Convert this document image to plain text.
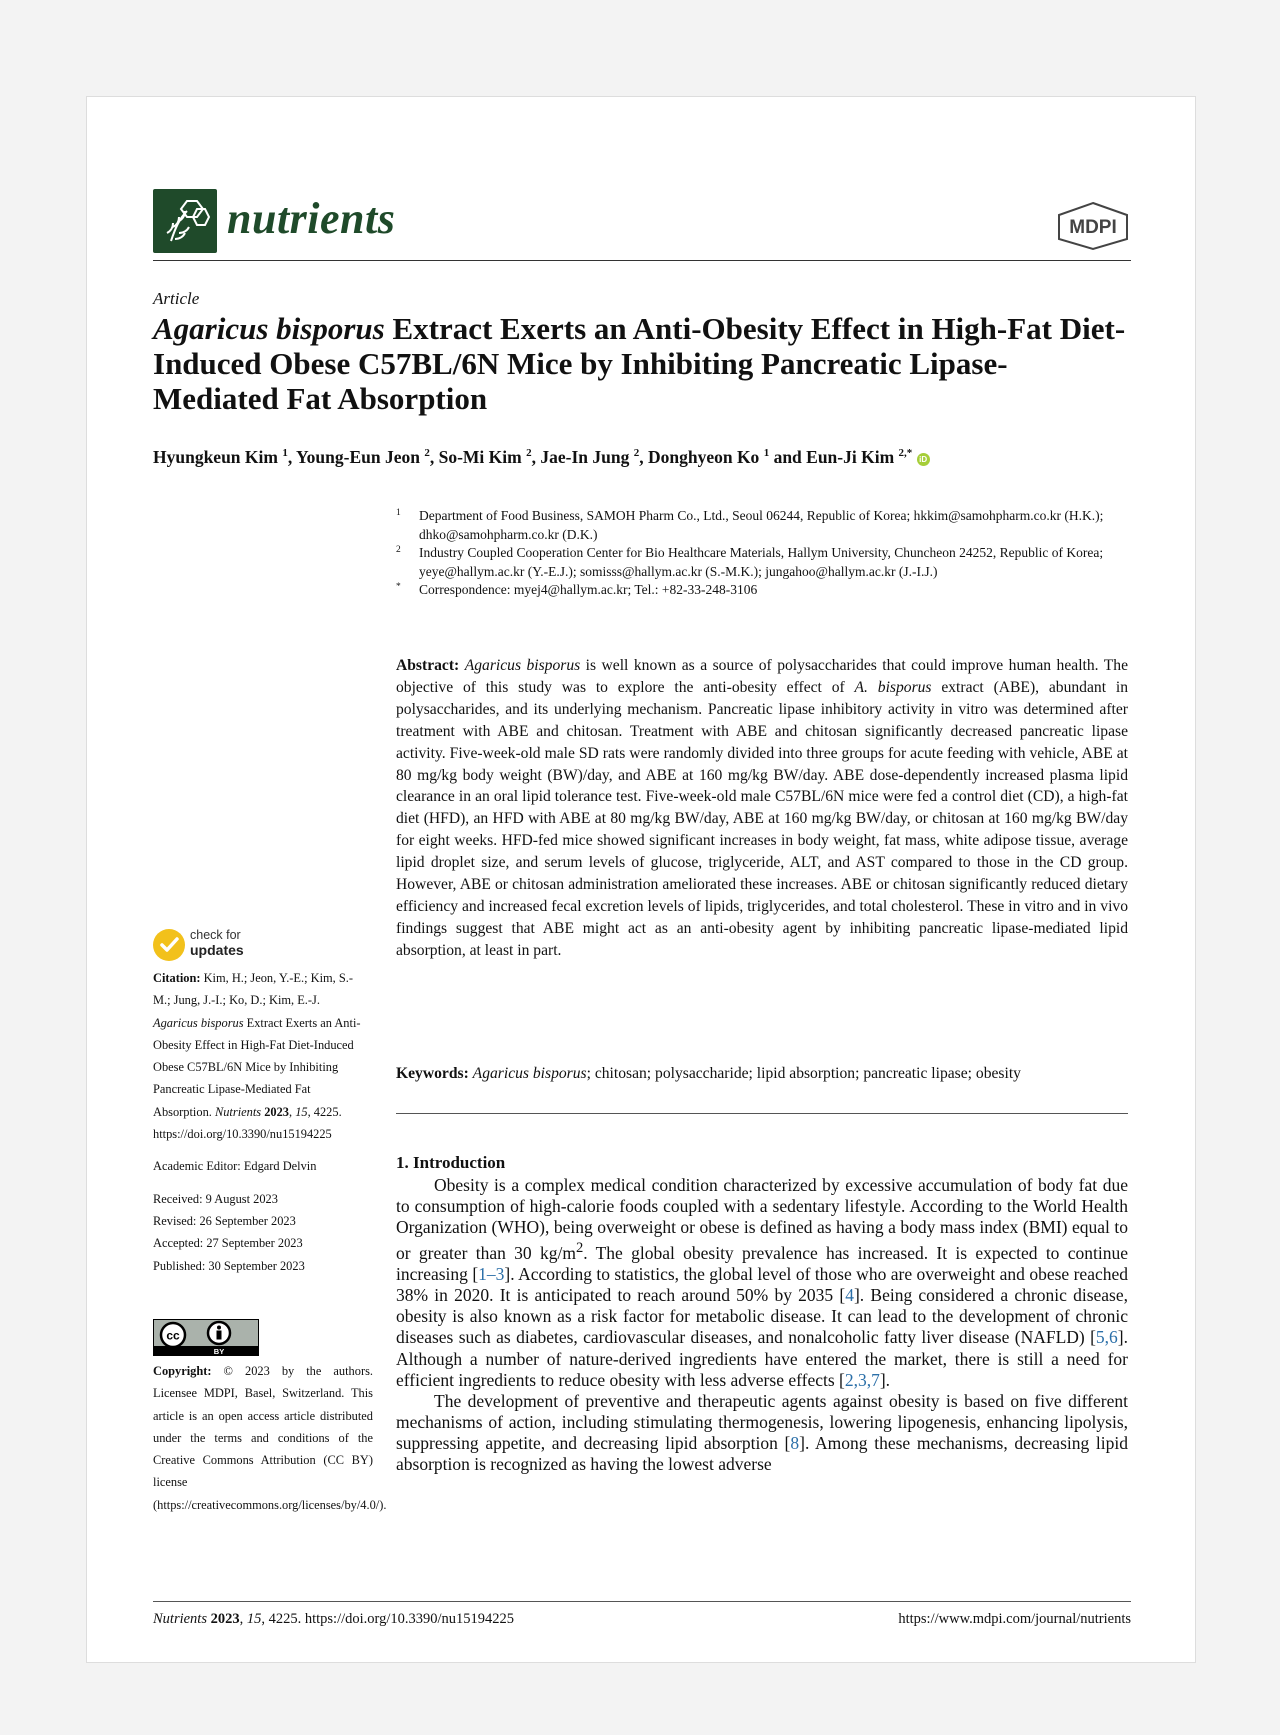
nutrients	MDPI
Article
Agaricus bisporus Extract Exerts an Anti-Obesity Effect in High-Fat Diet-Induced Obese C57BL/6N Mice by Inhibiting Pancreatic Lipase-Mediated Fat Absorption
Hyungkeun Kim $^1$, Young-Eun Jeon $^2$, So-Mi Kim $^2$, Jae-In Jung $^2$, Donghyeon Ko $^1$ and Eun-Ji Kim $^{2,*}$ iD
1	Department of Food Business, SAMOH Pharm Co., Ltd., Seoul 06244, Republic of Korea; hkkim@samohpharm.co.kr (H.K.); dhko@samohpharm.co.kr (D.K.)
2	Industry Coupled Cooperation Center for Bio Healthcare Materials, Hallym University, Chuncheon 24252, Republic of Korea; yeye@hallym.ac.kr (Y.-E.J.); somisss@hallym.ac.kr (S.-M.K.); jungahoo@hallym.ac.kr (J.-I.J.)
*	Correspondence: myej4@hallym.ac.kr; Tel.: +82-33-248-3106
Abstract: Agaricus bisporus is well known as a source of polysaccharides that could improve human health. The objective of this study was to explore the anti-obesity effect of A. bisporus extract (ABE), abundant in polysaccharides, and its underlying mechanism. Pancreatic lipase inhibitory activity in vitro was determined after treatment with ABE and chitosan. Treatment with ABE and chitosan significantly decreased pancreatic lipase activity. Five-week-old male SD rats were randomly divided into three groups for acute feeding with vehicle, ABE at 80 mg/kg body weight (BW)/day, and ABE at 160 mg/kg BW/day. ABE dose-dependently increased plasma lipid clearance in an oral lipid tolerance test. Five-week-old male C57BL/6N mice were fed a control diet (CD), a high-fat diet (HFD), an HFD with ABE at 80 mg/kg BW/day, ABE at 160 mg/kg BW/day, or chitosan at 160 mg/kg BW/day for eight weeks. HFD-fed mice showed significant increases in body weight, fat mass, white adipose tissue, average lipid droplet size, and serum levels of glucose, triglyceride, ALT, and AST compared to those in the CD group. However, ABE or chitosan administration ameliorated these increases. ABE or chitosan significantly reduced dietary efficiency and increased fecal excretion levels of lipids, triglycerides, and total cholesterol. These in vitro and in vivo findings suggest that ABE might act as an anti-obesity agent by inhibiting pancreatic lipase-mediated lipid absorption, at least in part.
Keywords: Agaricus bisporus; chitosan; polysaccharide; lipid absorption; pancreatic lipase; obesity
1. Introduction

Obesity is a complex medical condition characterized by excessive accumulation of body fat due to consumption of high-calorie foods coupled with a sedentary lifestyle. According to the World Health Organization (WHO), being overweight or obese is defined as having a body mass index (BMI) equal to or greater than 30 $kg/m^2$. The global obesity prevalence has increased. It is expected to continue increasing [1–3]. According to statistics, the global level of those who are overweight and obese reached 38% in 2020. It is anticipated to reach around 50% by 2035 [4]. Being considered a chronic disease, obesity is also known as a risk factor for metabolic disease. It can lead to the development of chronic diseases such as diabetes, cardiovascular diseases, and nonalcoholic fatty liver disease (NAFLD) [5,6]. Although a number of nature-derived ingredients have entered the market, there is still a need for efficient ingredients to reduce obesity with less adverse effects [2,3,7].

The development of preventive and therapeutic agents against obesity is based on five different mechanisms of action, including stimulating thermogenesis, lowering lipogenesis, enhancing lipolysis, suppressing appetite, and decreasing lipid absorption [8]. Among these mechanisms, decreasing lipid absorption is recognized as having the lowest adverse

check for
updates

Citation: Kim, H.; Jeon, Y.-E.; Kim, S.-M.; Jung, J.-I.; Ko, D.; Kim, E.-J. Agaricus bisporus Extract Exerts an Anti-Obesity Effect in High-Fat Diet-Induced Obese C57BL/6N Mice by Inhibiting Pancreatic Lipase-Mediated Fat Absorption. Nutrients 2023, 15, 4225. https://doi.org/10.3390/nu15194225

Academic Editor: Edgard Delvin

Received: 9 August 2023

Revised: 26 September 2023

Accepted: 27 September 2023

Published: 30 September 2023

cc
BY
Copyright: © 2023 by the authors. Licensee MDPI, Basel, Switzerland. This article is an open access article distributed under the terms and conditions of the Creative Commons Attribution (CC BY) license (https://creativecommons.org/licenses/by/4.0/).
Nutrients 2023, 15, 4225. https://doi.org/10.3390/nu15194225	https://www.mdpi.com/journal/nutrients
